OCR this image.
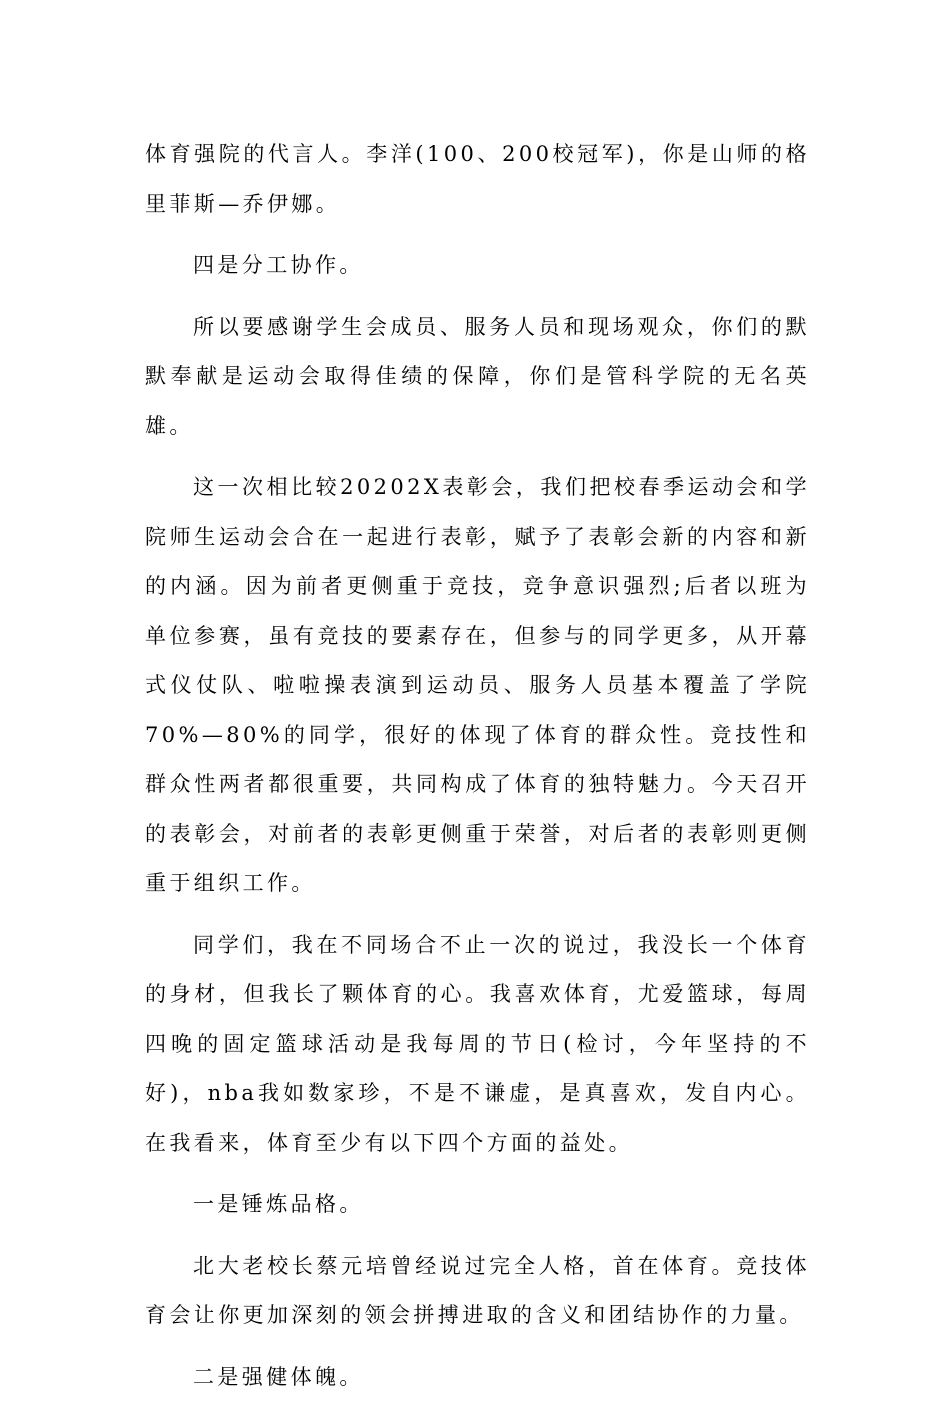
体育强院的代言人。李洋(100、200校冠军)，你是山师的格里菲斯—乔伊娜。

四是分工协作。

所以要感谢学生会成员、服务人员和现场观众，你们的默默奉献是运动会取得佳绩的保障，你们是管科学院的无名英雄。

这一次相比较20202X表彰会，我们把校春季运动会和学院师生运动会合在一起进行表彰，赋予了表彰会新的内容和新的内涵。因为前者更侧重于竞技，竞争意识强烈;后者以班为单位参赛，虽有竞技的要素存在，但参与的同学更多，从开幕式仪仗队、啦啦操表演到运动员、服务人员基本覆盖了学院70%—80%的同学，很好的体现了体育的群众性。竞技性和群众性两者都很重要，共同构成了体育的独特魅力。今天召开的表彰会，对前者的表彰更侧重于荣誉，对后者的表彰则更侧重于组织工作。

同学们，我在不同场合不止一次的说过，我没长一个体育的身材，但我长了颗体育的心。我喜欢体育，尤爱篮球，每周四晚的固定篮球活动是我每周的节日(检讨，今年坚持的不好)，nba我如数家珍，不是不谦虚，是真喜欢，发自内心。在我看来，体育至少有以下四个方面的益处。

一是锤炼品格。

北大老校长蔡元培曾经说过完全人格，首在体育。竞技体育会让你更加深刻的领会拼搏进取的含义和团结协作的力量。

二是强健体魄。
